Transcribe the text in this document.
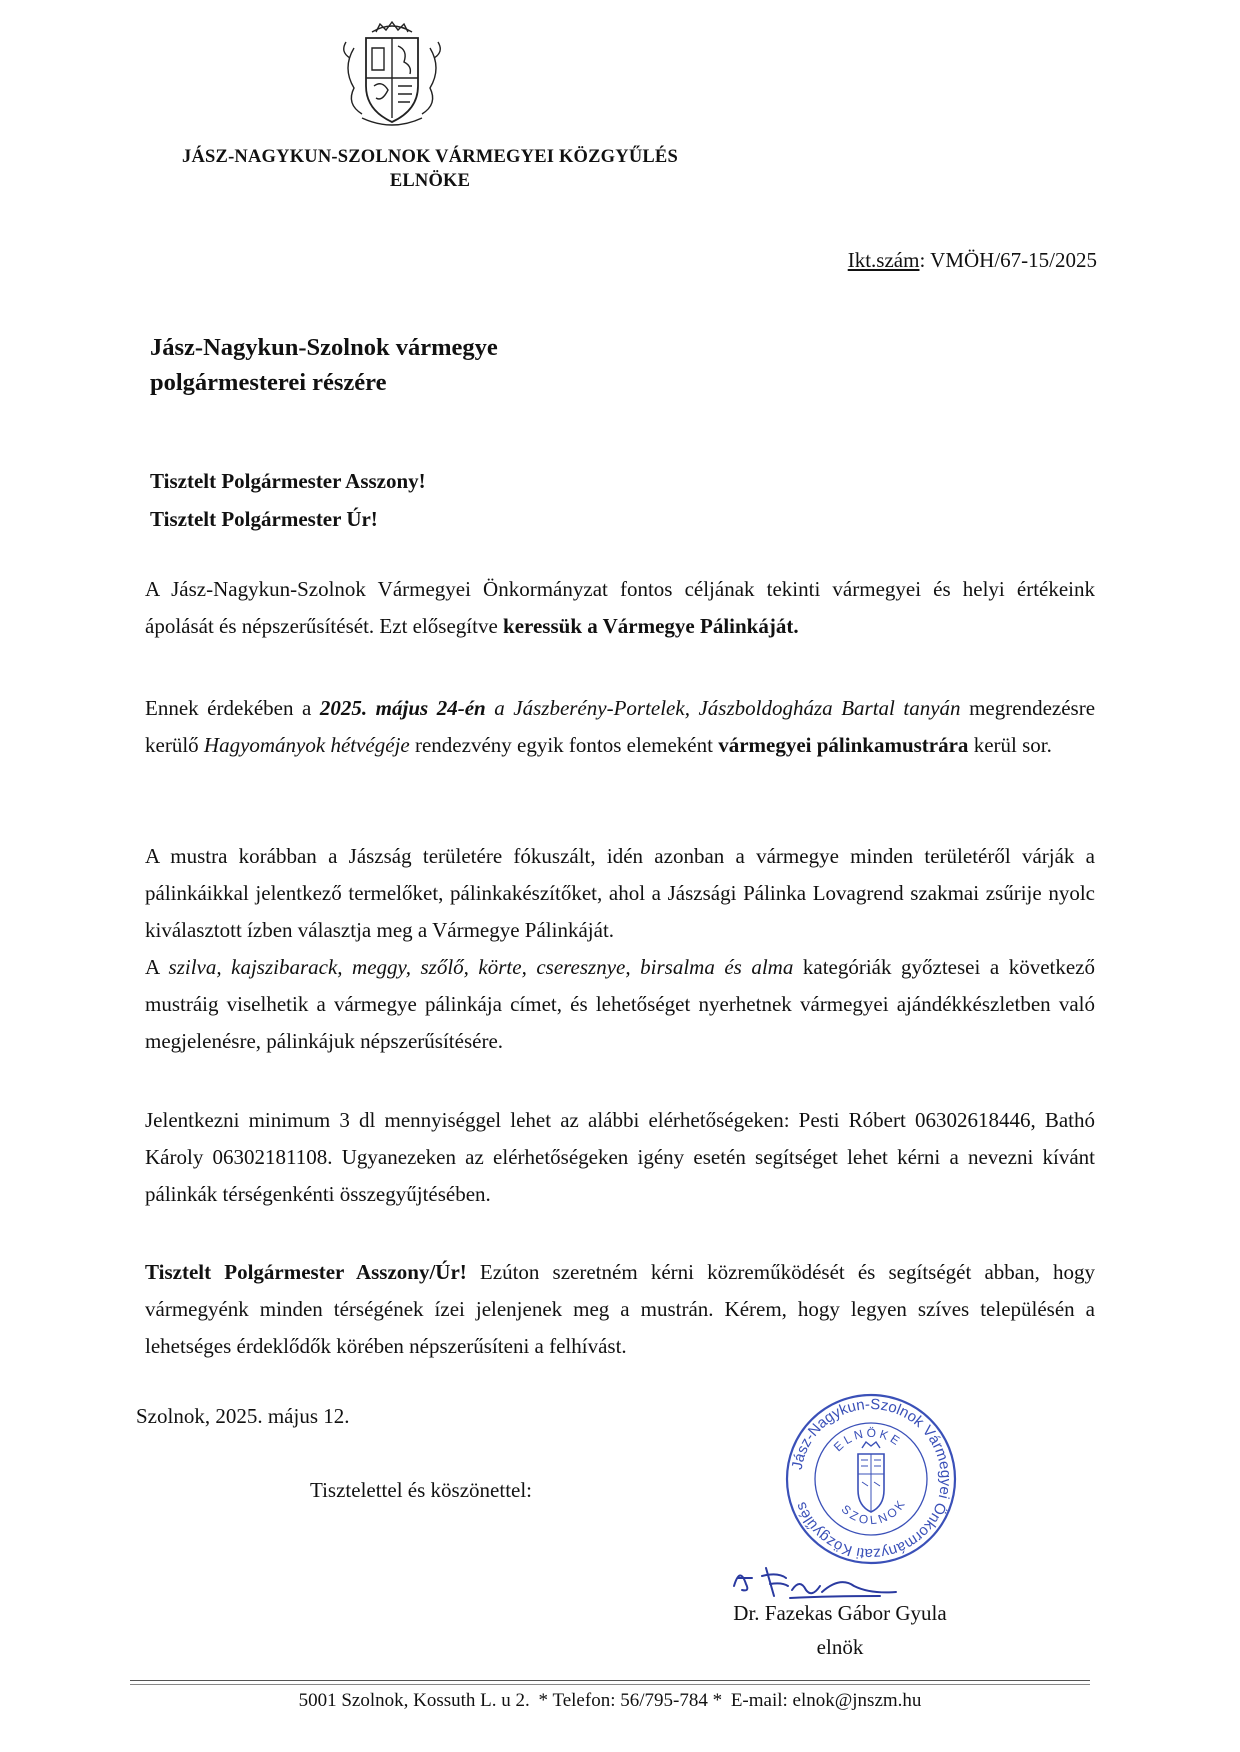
JÁSZ-NAGYKUN-SZOLNOK VÁRMEGYEI KÖZGYŰLÉS
ELNÖKE
Ikt.szám: VMÖH/67-15/2025
Jász-Nagykun-Szolnok vármegye
polgármesterei részére
Tisztelt Polgármester Asszony!
Tisztelt Polgármester Úr!
A Jász-Nagykun-Szolnok Vármegyei Önkormányzat fontos céljának tekinti vármegyei és helyi értékeink ápolását és népszerűsítését. Ezt elősegítve keressük a Vármegye Pálinkáját.
Ennek érdekében a 2025. május 24-én a Jászberény-Portelek, Jászboldogháza Bartal tanyán megrendezésre kerülő Hagyományok hétvégéje rendezvény egyik fontos elemeként vármegyei pálinkamustrára kerül sor.
A mustra korábban a Jászság területére fókuszált, idén azonban a vármegye minden területéről várják a pálinkáikkal jelentkező termelőket, pálinkakészítőket, ahol a Jászsági Pálinka Lovagrend szakmai zsűrije nyolc kiválasztott ízben választja meg a Vármegye Pálinkáját.
A szilva, kajszibarack, meggy, szőlő, körte, cseresznye, birsalma és alma kategóriák győztesei a következő mustráig viselhetik a vármegye pálinkája címet, és lehetőséget nyerhetnek vármegyei ajándékkészletben való megjelenésre, pálinkájuk népszerűsítésére.
Jelentkezni minimum 3 dl mennyiséggel lehet az alábbi elérhetőségeken: Pesti Róbert 06302618446, Bathó Károly 06302181108. Ugyanezeken az elérhetőségeken igény esetén segítséget lehet kérni a nevezni kívánt pálinkák térségenkénti összegyűjtésében.
Tisztelt Polgármester Asszony/Úr! Ezúton szeretném kérni közreműködését és segítségét abban, hogy vármegyénk minden térségének ízei jelenjenek meg a mustrán. Kérem, hogy legyen szíves településén a lehetséges érdeklődők körében népszerűsíteni a felhívást.
Szolnok, 2025. május 12.
Tisztelettel és köszönettel:
Jász-Nagykun-Szolnok Vármegyei Önkormányzati Közgyűlés
ELNÖKE
SZOLNOK
Dr. Fazekas Gábor Gyula
elnök
5001 Szolnok, Kossuth L. u 2. * Telefon: 56/795-784 * E-mail: elnok@jnszm.hu
